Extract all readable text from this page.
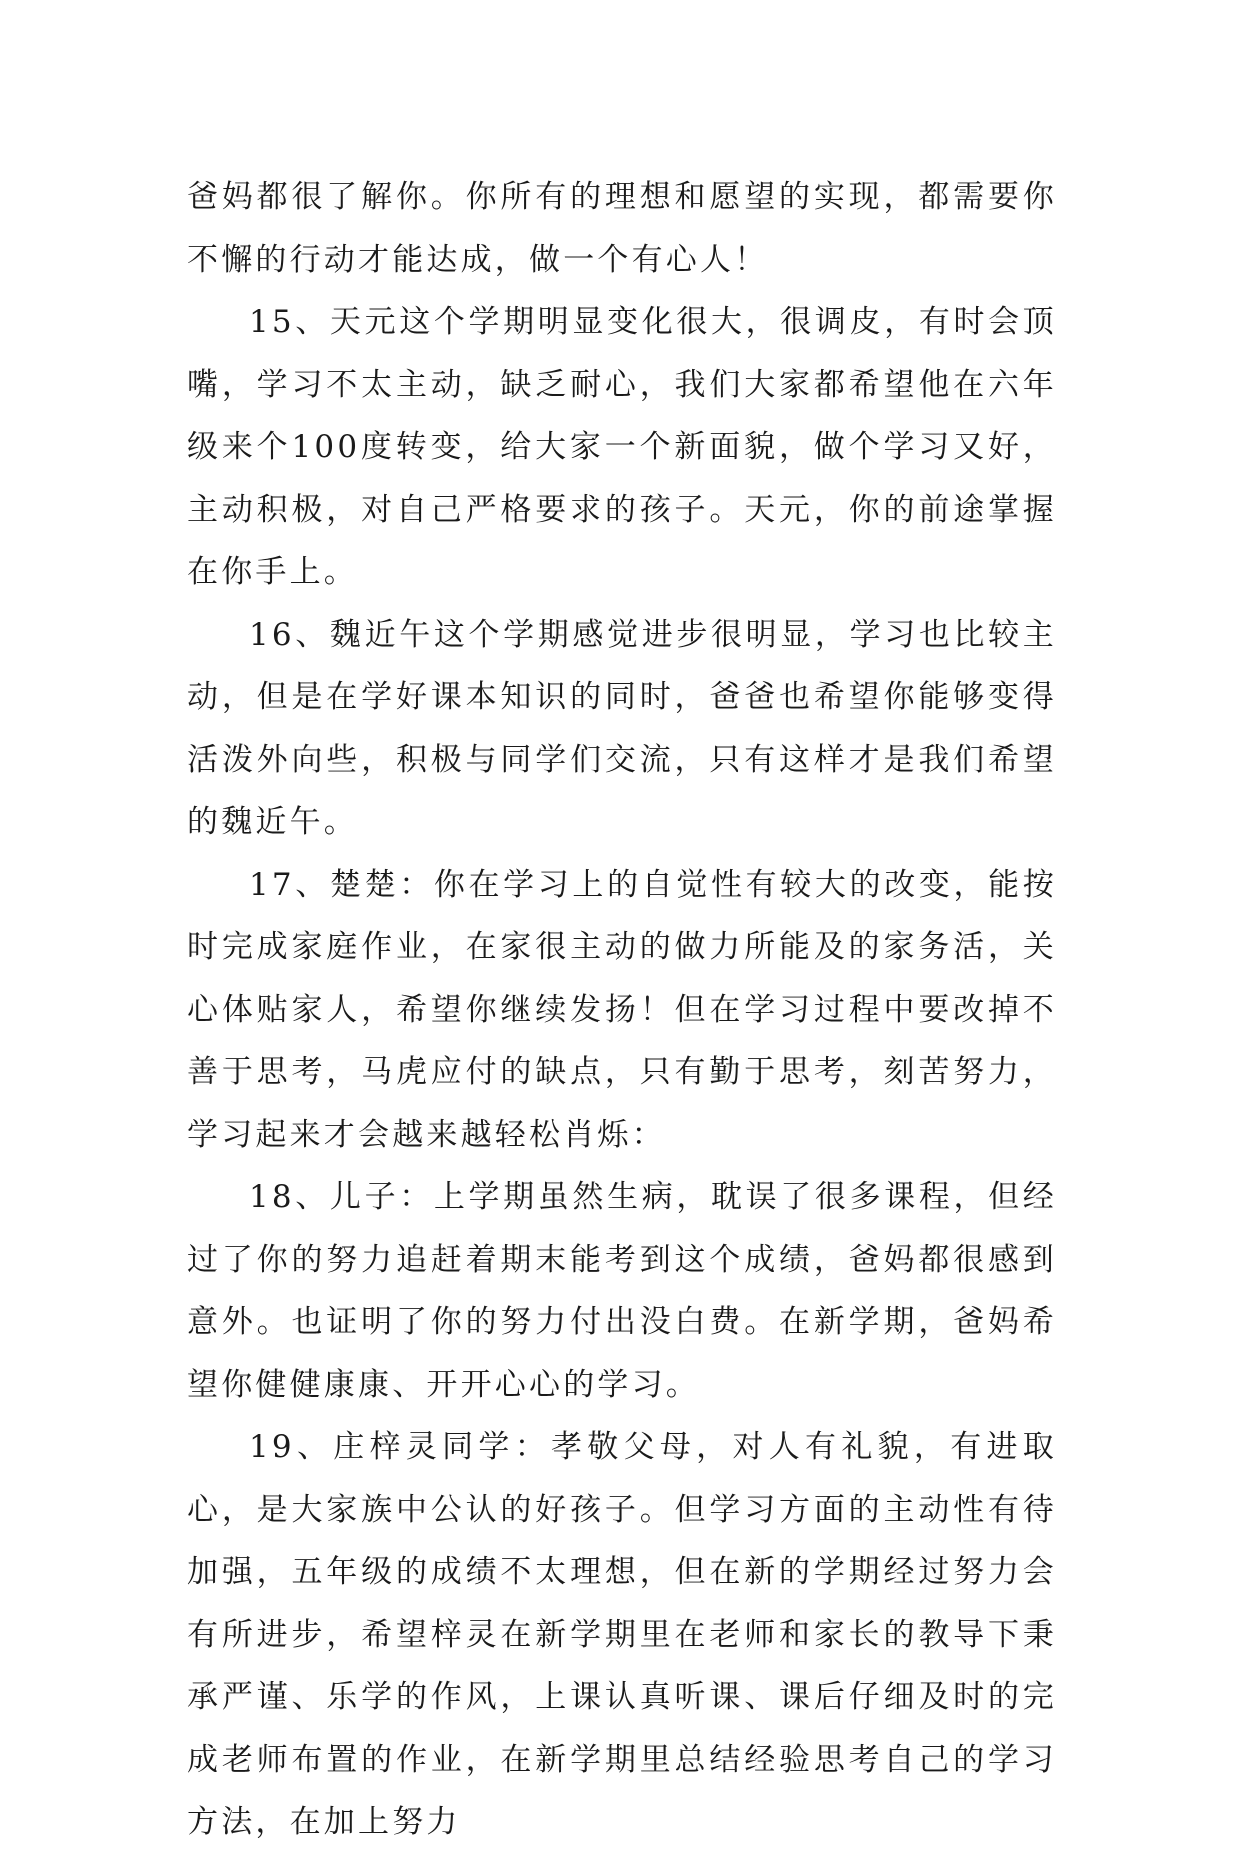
爸妈都很了解你。你所有的理想和愿望的实现，都需要你不懈的行动才能达成，做一个有心人！

15、天元这个学期明显变化很大，很调皮，有时会顶嘴，学习不太主动，缺乏耐心，我们大家都希望他在六年级来个100度转变，给大家一个新面貌，做个学习又好，主动积极，对自己严格要求的孩子。天元，你的前途掌握在你手上。

16、魏近午这个学期感觉进步很明显，学习也比较主动，但是在学好课本知识的同时，爸爸也希望你能够变得活泼外向些，积极与同学们交流，只有这样才是我们希望的魏近午。

17、楚楚：你在学习上的自觉性有较大的改变，能按时完成家庭作业，在家很主动的做力所能及的家务活，关心体贴家人，希望你继续发扬！但在学习过程中要改掉不善于思考，马虎应付的缺点，只有勤于思考，刻苦努力，学习起来才会越来越轻松肖烁：

18、儿子：上学期虽然生病，耽误了很多课程，但经过了你的努力追赶着期末能考到这个成绩，爸妈都很感到意外。也证明了你的努力付出没白费。在新学期，爸妈希望你健健康康、开开心心的学习。

19、庄梓灵同学：孝敬父母，对人有礼貌，有进取心，是大家族中公认的好孩子。但学习方面的主动性有待加强，五年级的成绩不太理想，但在新的学期经过努力会有所进步，希望梓灵在新学期里在老师和家长的教导下秉承严谨、乐学的作风，上课认真听课、课后仔细及时的完成老师布置的作业，在新学期里总结经验思考自己的学习方法，在加上努力
